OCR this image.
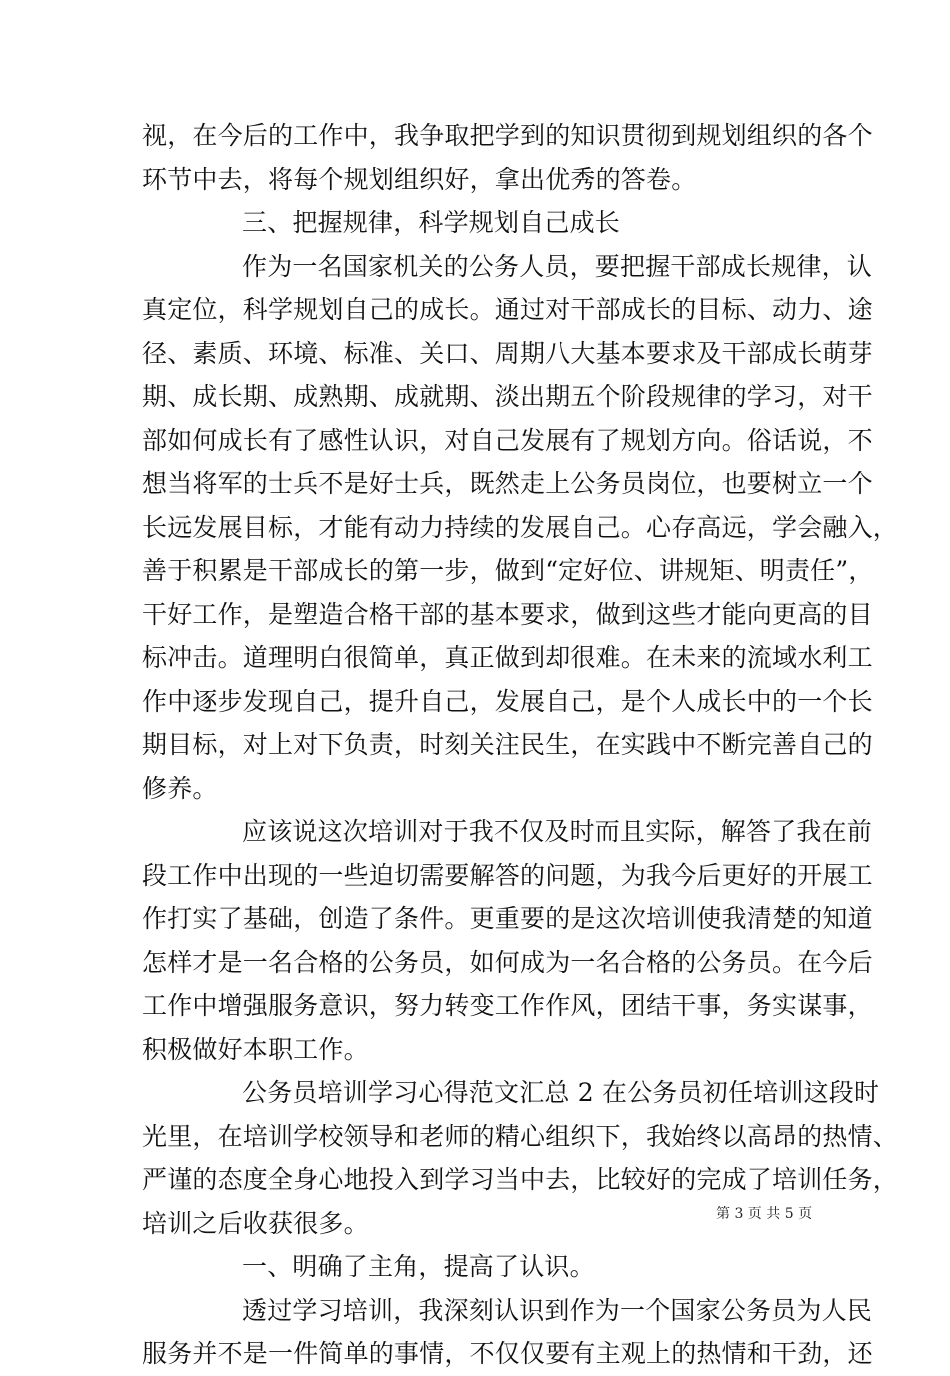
视，在今后的工作中，我争取把学到的知识贯彻到规划组织的各个
环节中去，将每个规划组织好，拿出优秀的答卷。
三、把握规律，科学规划自己成长
作为一名国家机关的公务人员，要把握干部成长规律，认
真定位，科学规划自己的成长。通过对干部成长的目标、动力、途
径、素质、环境、标准、关口、周期八大基本要求及干部成长萌芽
期、成长期、成熟期、成就期、淡出期五个阶段规律的学习，对干
部如何成长有了感性认识，对自己发展有了规划方向。俗话说，不
想当将军的士兵不是好士兵，既然走上公务员岗位，也要树立一个
长远发展目标，才能有动力持续的发展自己。心存高远，学会融入，
善于积累是干部成长的第一步，做到“定好位、讲规矩、明责任”，
干好工作，是塑造合格干部的基本要求，做到这些才能向更高的目
标冲击。道理明白很简单，真正做到却很难。在未来的流域水利工
作中逐步发现自己，提升自己，发展自己，是个人成长中的一个长
期目标，对上对下负责，时刻关注民生，在实践中不断完善自己的
修养。
应该说这次培训对于我不仅及时而且实际，解答了我在前
段工作中出现的一些迫切需要解答的问题，为我今后更好的开展工
作打实了基础，创造了条件。更重要的是这次培训使我清楚的知道
怎样才是一名合格的公务员，如何成为一名合格的公务员。在今后
工作中增强服务意识，努力转变工作作风，团结干事，务实谋事，
积极做好本职工作。
公务员培训学习心得范文汇总 2 在公务员初任培训这段时
光里，在培训学校领导和老师的精心组织下，我始终以高昂的热情、
严谨的态度全身心地投入到学习当中去，比较好的完成了培训任务，
培训之后收获很多。
一、明确了主角，提高了认识。
透过学习培训，我深刻认识到作为一个国家公务员为人民
服务并不是一件简单的事情，不仅仅要有主观上的热情和干劲，还
第 3 页 共 5 页
